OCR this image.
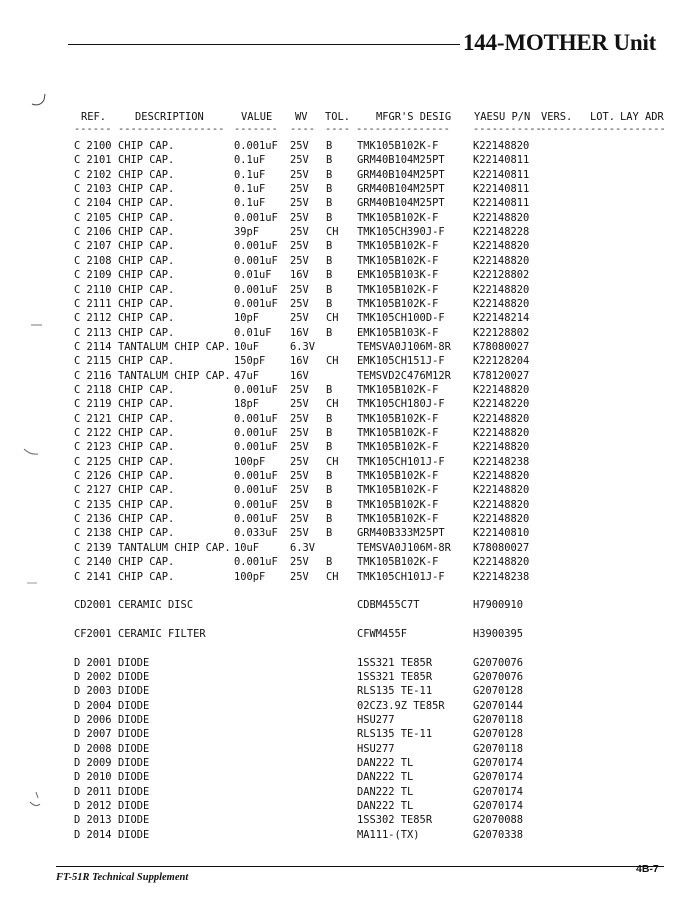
144-MOTHER Unit
REF.	DESCRIPTION	VALUE WV TOL. MFGR'S DESIG YAESU P/N VERS. LOT. LAY ADR
------ ----------------- ------- ---- ---- --------------- -----------
-------- ----- -------
C 2100 CHIP CAP.	0.001uF 25V B TMK105B102K-F	K22148820
C 2101 CHIP CAP.	0.1uF 25V B GRM40B104M25PT	K22140811
C 2102 CHIP CAP.	0.1uF 25V B GRM40B104M25PT	K22140811
C 2103 CHIP CAP.	0.1uF 25V B GRM40B104M25PT	K22140811
C 2104 CHIP CAP.	0.1uF 25V B GRM40B104M25PT	K22140811
C 2105 CHIP CAP.	0.001uF 25V B TMK105B102K-F	K22148820
C 2106 CHIP CAP.	39pF	25V CH TMK105CH390J-F	K22148228
C 2107 CHIP CAP.	0.001uF 25V B TMK105B102K-F	K22148820
C 2108 CHIP CAP.	0.001uF 25V B TMK105B102K-F	K22148820
C 2109 CHIP CAP.	0.01uF 16V B EMK105B103K-F	K22128802
C 2110 CHIP CAP.	0.001uF 25V B TMK105B102K-F	K22148820
C 2111 CHIP CAP.	0.001uF 25V B TMK105B102K-F	K22148820
C 2112 CHIP CAP.	10pF	25V CH TMK105CH100D-F	K22148214
C 2113 CHIP CAP.	0.01uF 16V B EMK105B103K-F	K22128802
C 2114 TANTALUM CHIP CAP. 10uF	6.3V	TEMSVA0J106M-8R K78080027
C 2115 CHIP CAP.	150pF 16V CH EMK105CH151J-F	K22128204
C 2116 TANTALUM CHIP CAP. 47uF	16V	TEMSVD2C476M12R K78120027
C 2118 CHIP CAP.	0.001uF 25V B TMK105B102K-F	K22148820
C 2119 CHIP CAP.	18pF	25V CH TMK105CH180J-F	K22148220
C 2121 CHIP CAP.	0.001uF 25V B TMK105B102K-F	K22148820
C 2122 CHIP CAP.	0.001uF 25V B TMK105B102K-F	K22148820
C 2123 CHIP CAP.	0.001uF 25V B TMK105B102K-F	K22148820
C 2125 CHIP CAP.	100pF 25V CH TMK105CH101J-F	K22148238
C 2126 CHIP CAP.	0.001uF 25V B TMK105B102K-F	K22148820
C 2127 CHIP CAP.	0.001uF 25V B TMK105B102K-F	K22148820
C 2135 CHIP CAP.	0.001uF 25V B TMK105B102K-F	K22148820
C 2136 CHIP CAP.	0.001uF 25V B TMK105B102K-F	K22148820
C 2138 CHIP CAP.	0.033uF 25V B GRM40B333M25PT	K22140810
C 2139 TANTALUM CHIP CAP. 10uF	6.3V	TEMSVA0J106M-8R K78080027
C 2140 CHIP CAP.	0.001uF 25V B TMK105B102K-F	K22148820
C 2141 CHIP CAP.	100pF 25V CH TMK105CH101J-F	K22148238
CD2001 CERAMIC DISC	CDBM455C7T	H7900910
CF2001 CERAMIC FILTER	CFWM455F	H3900395
D 2001 DIODE	1SS321 TE85R	G2070076
D 2002 DIODE	1SS321 TE85R	G2070076
D 2003 DIODE	RLS135 TE-11	G2070128
D 2004 DIODE	02CZ3.9Z TE85R	G2070144
D 2006 DIODE	HSU277	G2070118
D 2007 DIODE	RLS135 TE-11	G2070128
D 2008 DIODE	HSU277	G2070118
D 2009 DIODE	DAN222 TL	G2070174
D 2010 DIODE	DAN222 TL	G2070174
D 2011 DIODE	DAN222 TL	G2070174
D 2012 DIODE	DAN222 TL	G2070174
D 2013 DIODE	1SS302 TE85R	G2070088
D 2014 DIODE	MA111-(TX)	G2070338
FT-51R Technical Supplement
4B-7
